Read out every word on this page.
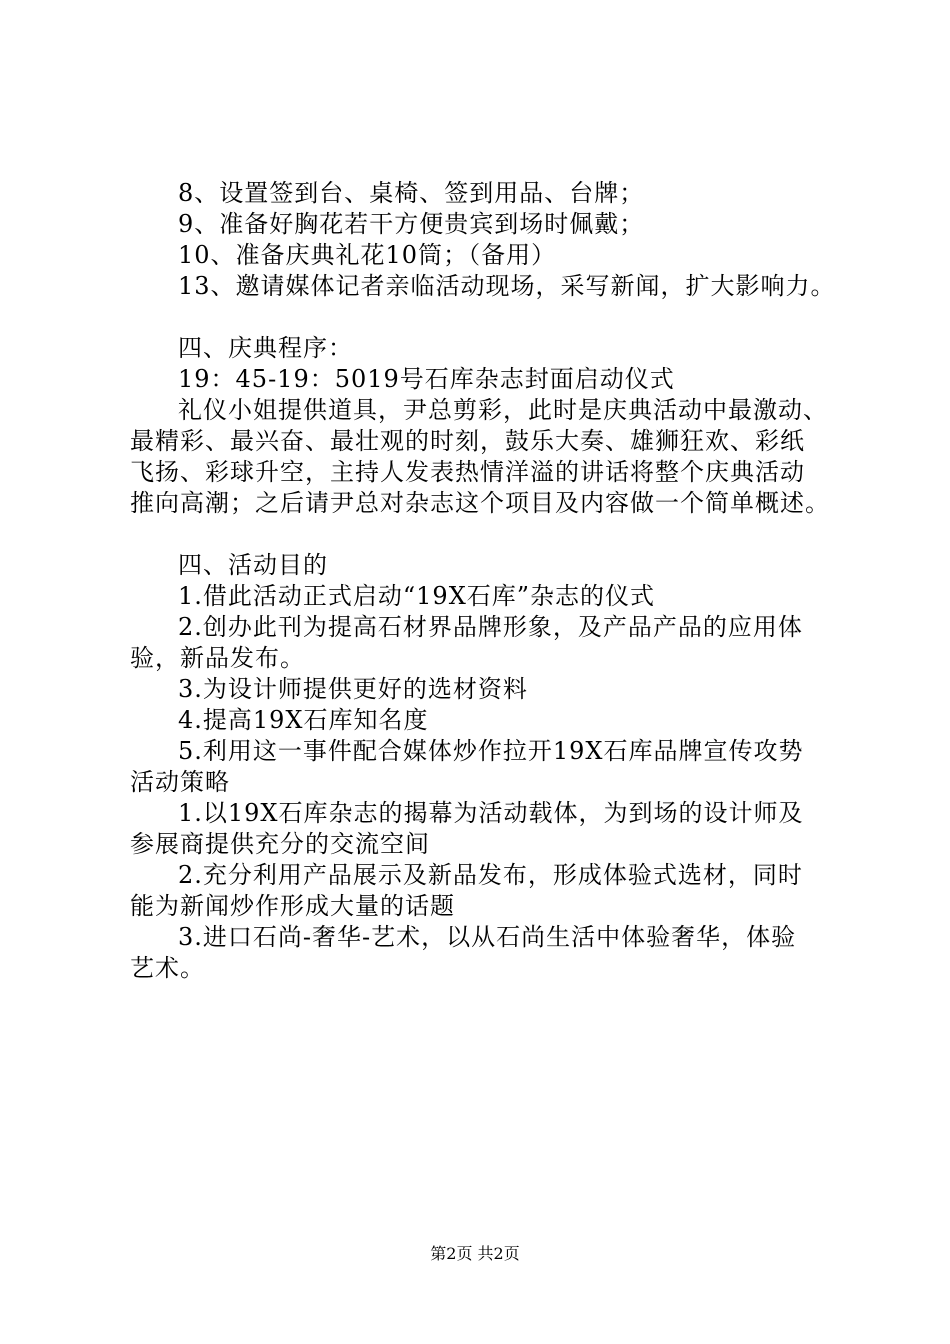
8、设置签到台、桌椅、签到用品、台牌；
9、准备好胸花若干方便贵宾到场时佩戴；
10、准备庆典礼花10筒；（备用）
13、邀请媒体记者亲临活动现场，采写新闻，扩大影响力。
四、庆典程序：
19：45-19：5019号石库杂志封面启动仪式
礼仪小姐提供道具，尹总剪彩，此时是庆典活动中最激动、
最精彩、最兴奋、最壮观的时刻，鼓乐大奏、雄狮狂欢、彩纸
飞扬、彩球升空，主持人发表热情洋溢的讲话将整个庆典活动
推向高潮；之后请尹总对杂志这个项目及内容做一个简单概述。
四、活动目的
1.借此活动正式启动“19X石库”杂志的仪式
2.创办此刊为提高石材界品牌形象，及产品产品的应用体
验，新品发布。
3.为设计师提供更好的选材资料
4.提高19X石库知名度
5.利用这一事件配合媒体炒作拉开19X石库品牌宣传攻势
活动策略
1.以19X石库杂志的揭幕为活动载体，为到场的设计师及
参展商提供充分的交流空间
2.充分利用产品展示及新品发布，形成体验式选材，同时
能为新闻炒作形成大量的话题
3.进口石尚-奢华-艺术，以从石尚生活中体验奢华，体验
艺术。
第2页 共2页
